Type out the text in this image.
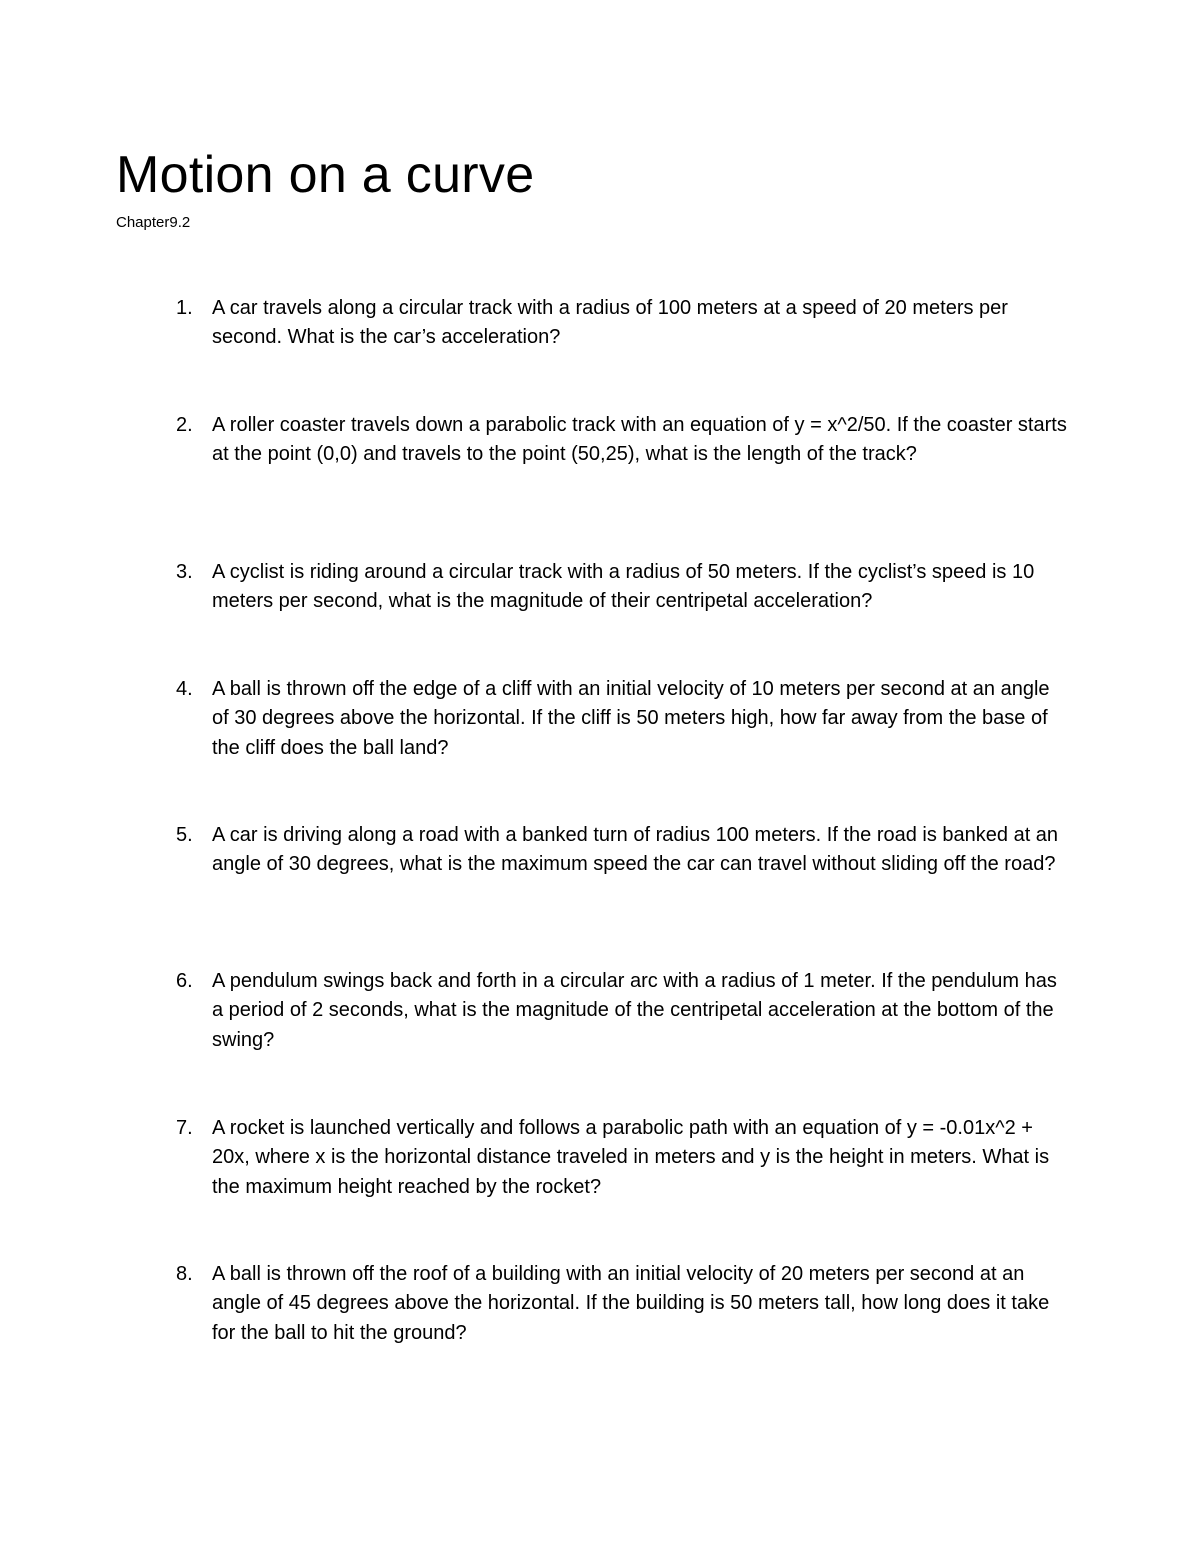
Motion on a curve

Chapter9.2

1. A car travels along a circular track with a radius of 100 meters at a speed of 20 meters per second. What is the car’s acceleration?
2. A roller coaster travels down a parabolic track with an equation of y = x^2/50. If the coaster starts at the point (0,0) and travels to the point (50,25), what is the length of the track?
3. A cyclist is riding around a circular track with a radius of 50 meters. If the cyclist’s speed is 10 meters per second, what is the magnitude of their centripetal acceleration?
4. A ball is thrown off the edge of a cliff with an initial velocity of 10 meters per second at an angle of 30 degrees above the horizontal. If the cliff is 50 meters high, how far away from the base of the cliff does the ball land?
5. A car is driving along a road with a banked turn of radius 100 meters. If the road is banked at an angle of 30 degrees, what is the maximum speed the car can travel without sliding off the road?
6. A pendulum swings back and forth in a circular arc with a radius of 1 meter. If the pendulum has a period of 2 seconds, what is the magnitude of the centripetal acceleration at the bottom of the swing?
7. A rocket is launched vertically and follows a parabolic path with an equation of y = -0.01x^2 + 20x, where x is the horizontal distance traveled in meters and y is the height in meters. What is the maximum height reached by the rocket?
8. A ball is thrown off the roof of a building with an initial velocity of 20 meters per second at an angle of 45 degrees above the horizontal. If the building is 50 meters tall, how long does it take for the ball to hit the ground?
